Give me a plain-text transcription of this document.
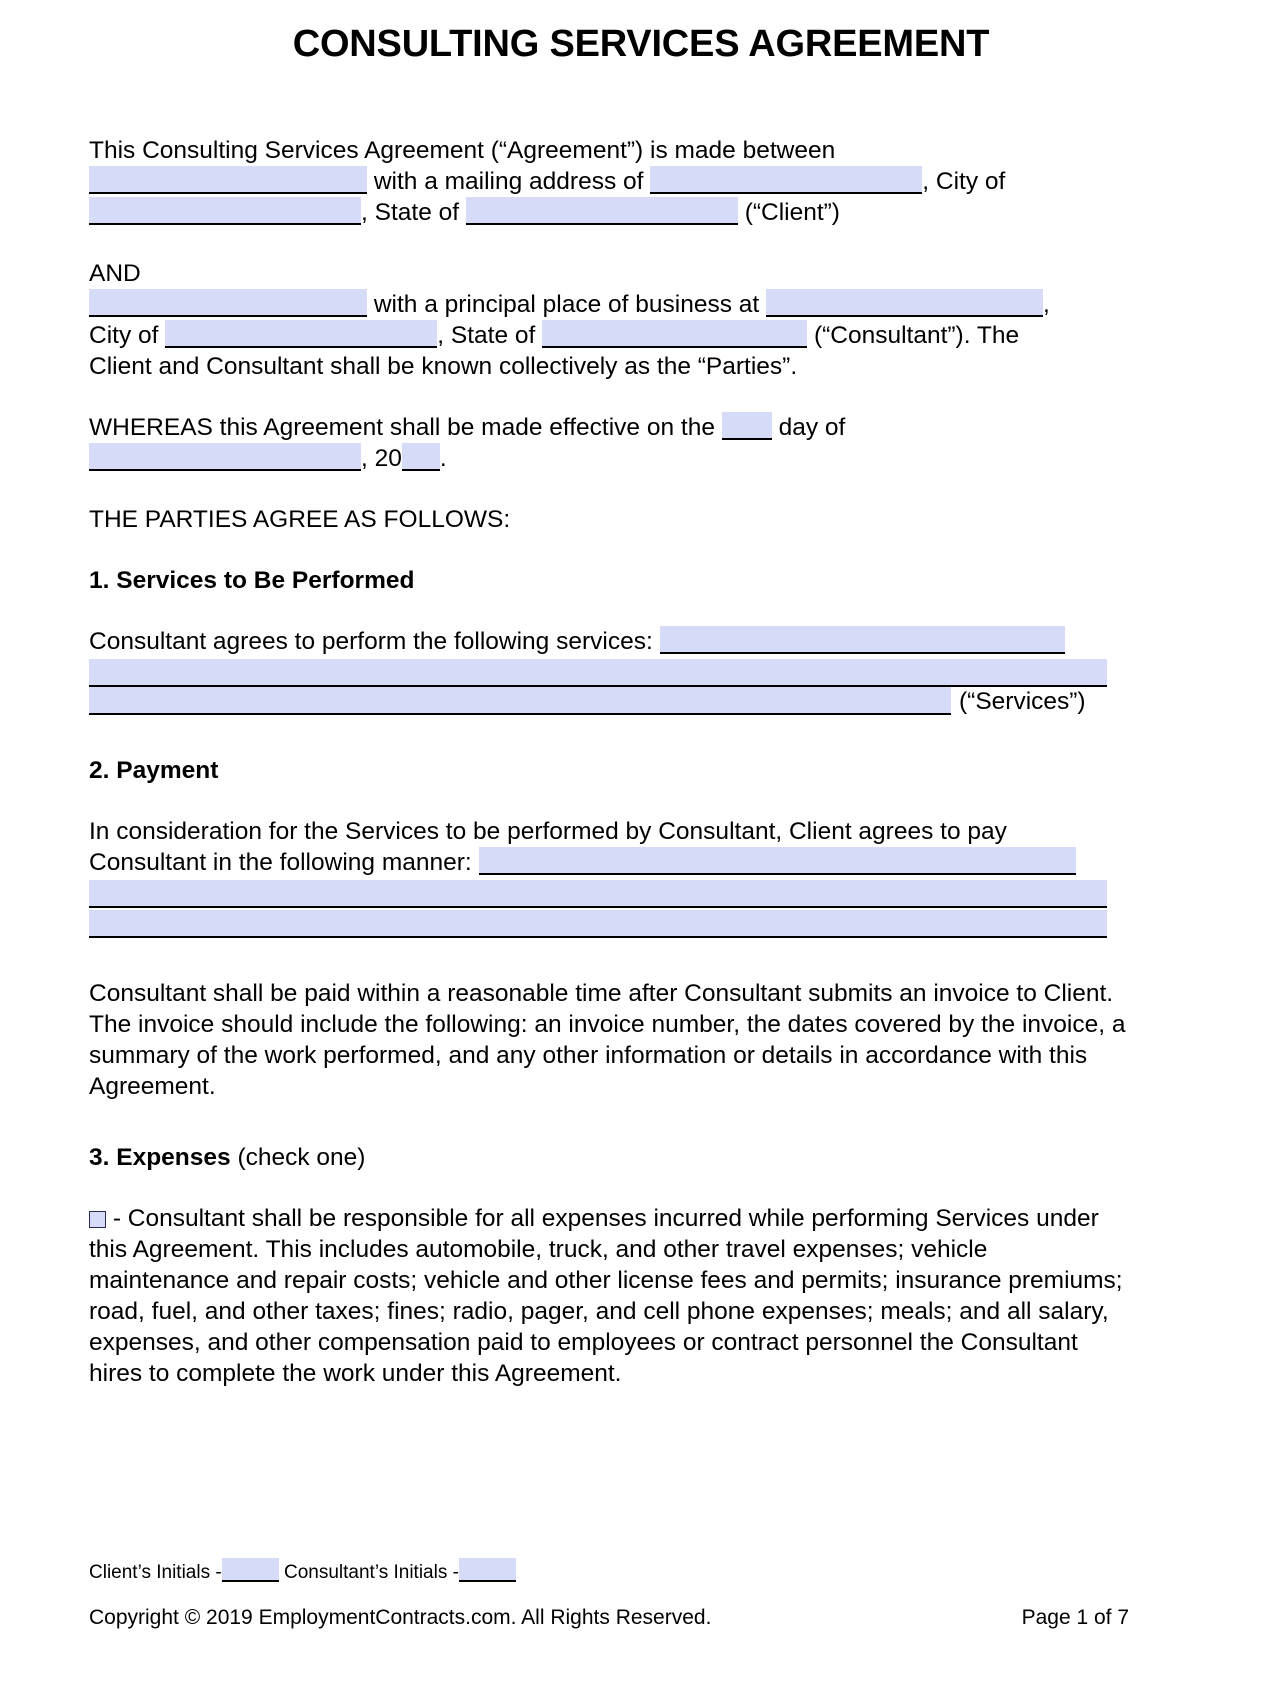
CONSULTING SERVICES AGREEMENT

This Consulting Services Agreement (“Agreement”) is made between
with a mailing address of	, City of
, State of	(“Client”)

AND
with a principal place of business at	,
City of	, State of	(“Consultant”). The
Client and Consultant shall be known collectively as the “Parties”.

WHEREAS this Agreement shall be made effective on the	day of
, 20 .

THE PARTIES AGREE AS FOLLOWS:

1. Services to Be Performed

Consultant agrees to perform the following services:

(“Services”)

2. Payment

In consideration for the Services to be performed by Consultant, Client agrees to pay
Consultant in the following manner:

Consultant shall be paid within a reasonable time after Consultant submits an invoice to Client. The invoice should include the following: an invoice number, the dates covered by the invoice, a summary of the work performed, and any other information or details in accordance with this Agreement.

3. Expenses (check one)

- Consultant shall be responsible for all expenses incurred while performing Services under this Agreement. This includes automobile, truck, and other travel expenses; vehicle maintenance and repair costs; vehicle and other license fees and permits; insurance premiums; road, fuel, and other taxes; fines; radio, pager, and cell phone expenses; meals; and all salary, expenses, and other compensation paid to employees or contract personnel the Consultant hires to complete the work under this Agreement.

Client’s Initials -	Consultant’s Initials -
Copyright © 2019 EmploymentContracts.com. All Rights Reserved.	Page 1 of 7
